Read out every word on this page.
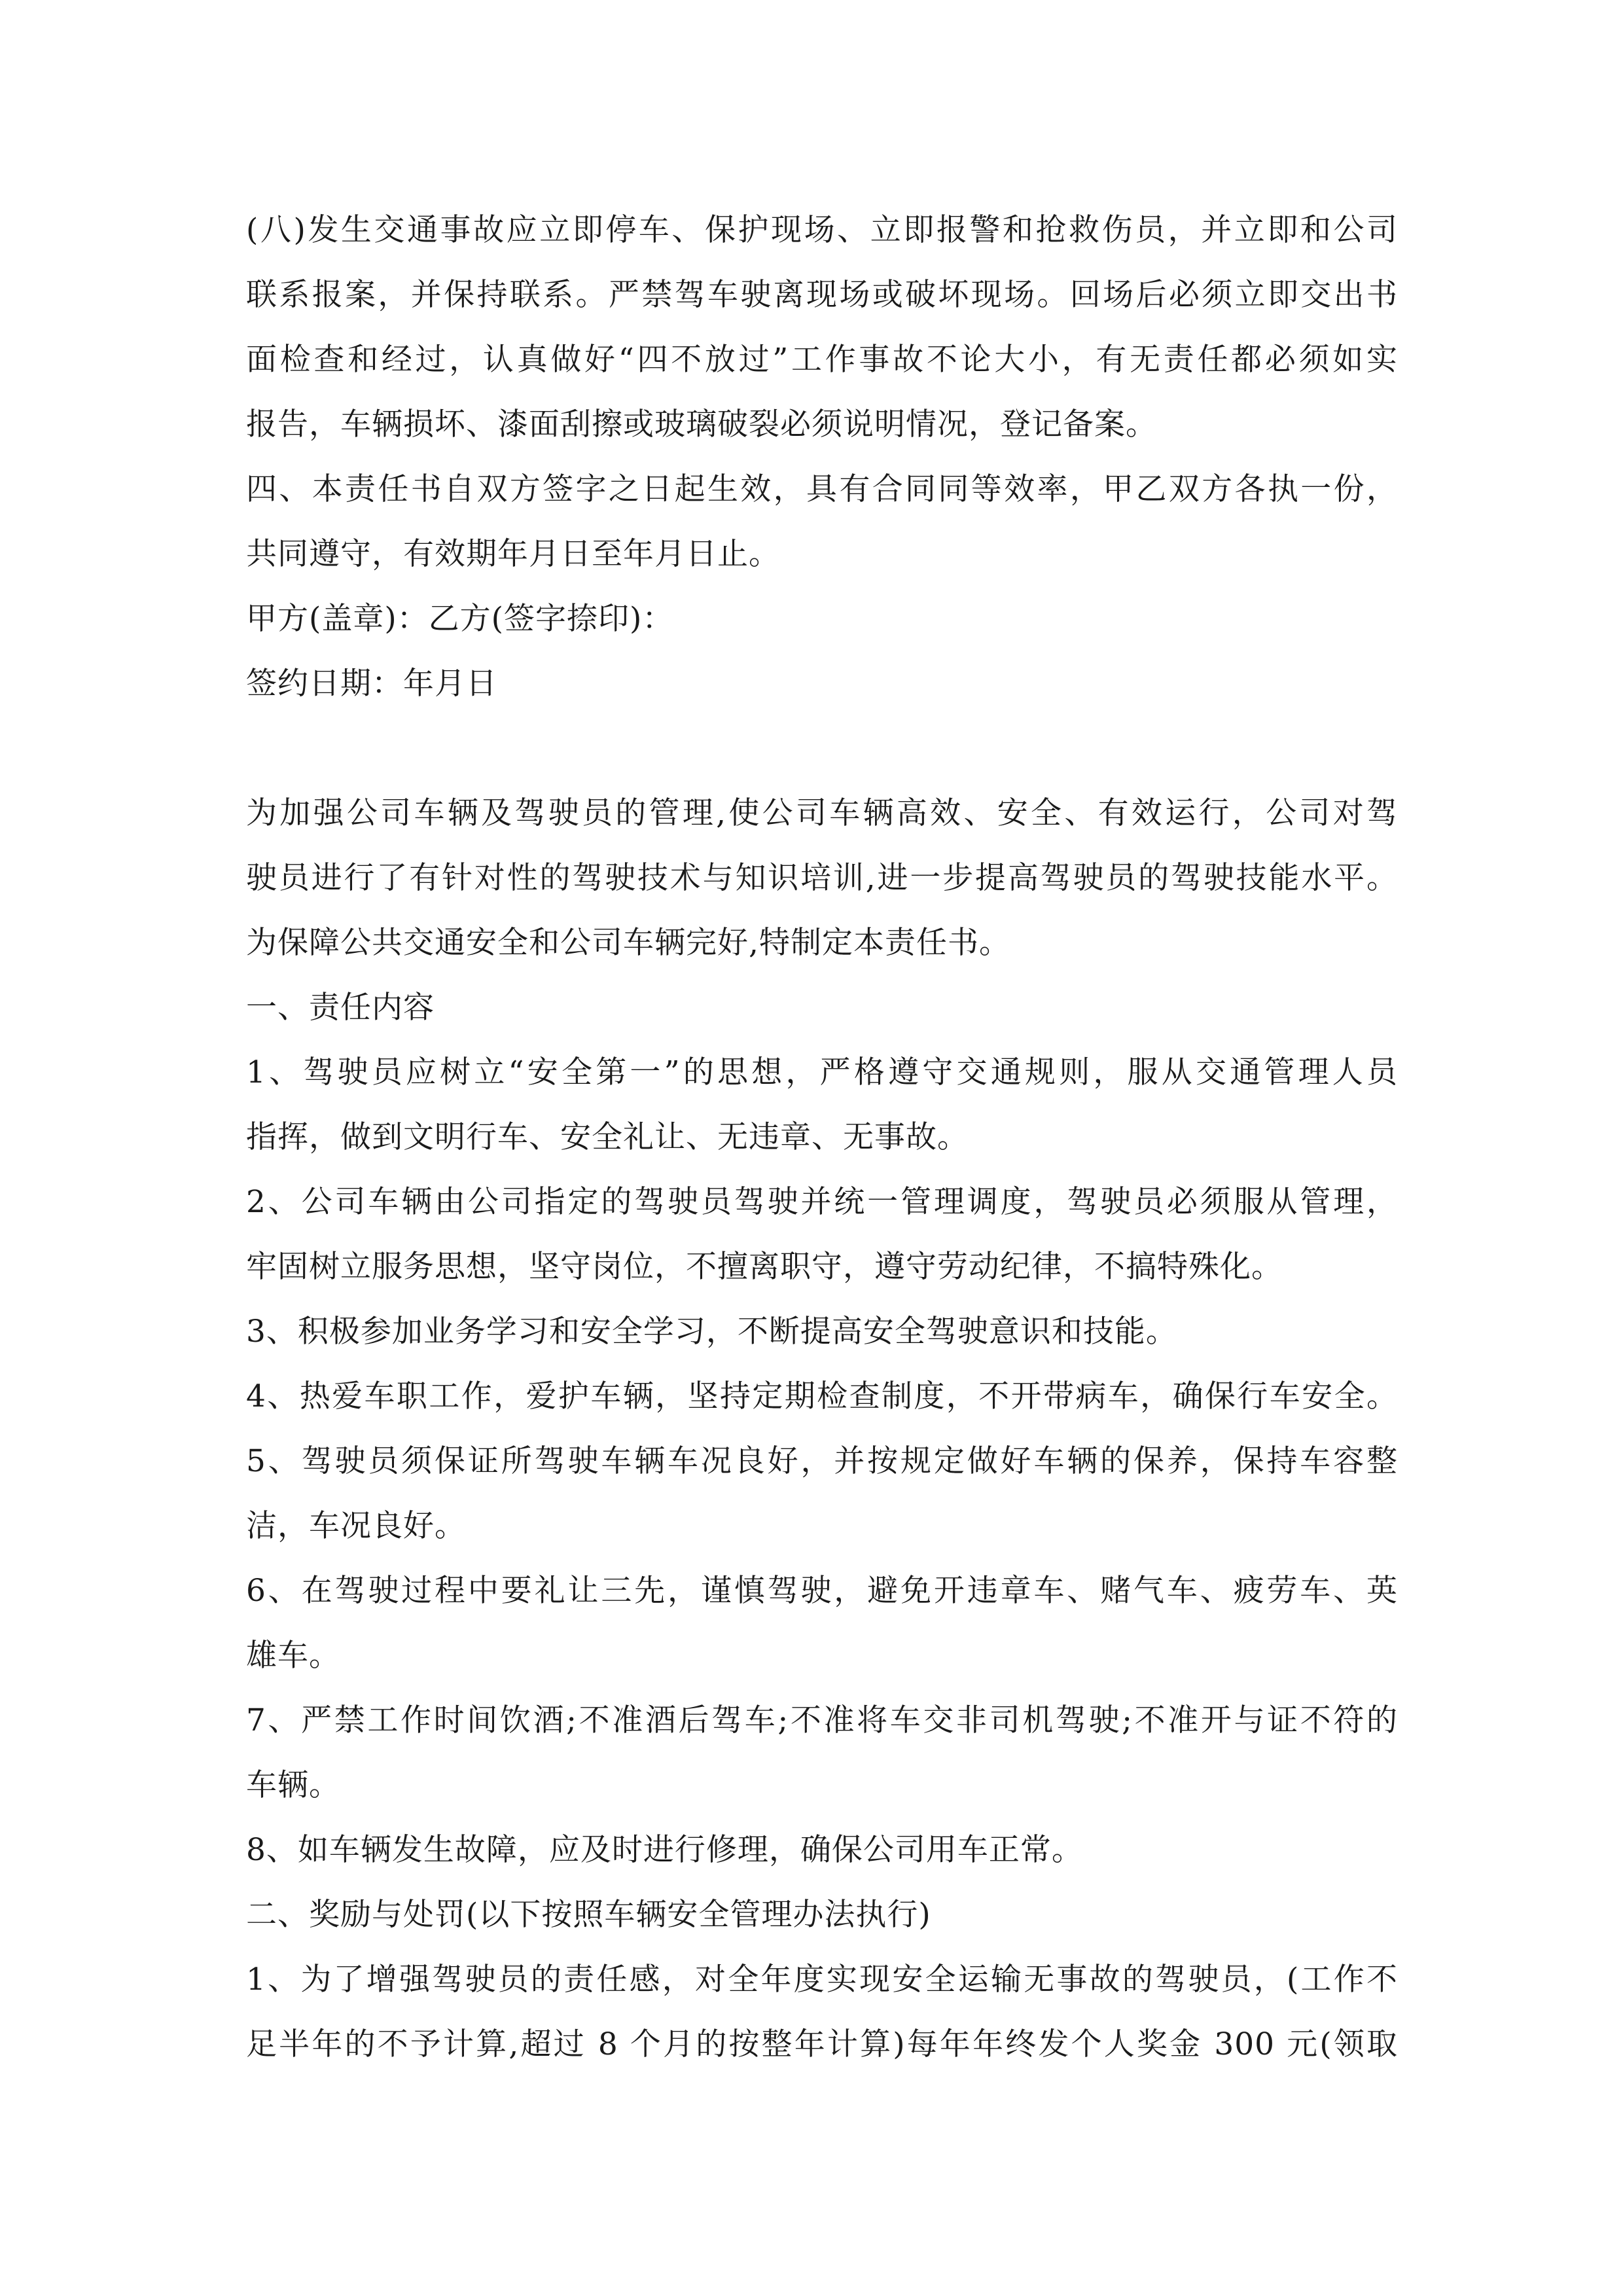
(八)发生交通事故应立即停车、保护现场、立即报警和抢救伤员，并立即和公司

联系报案，并保持联系。严禁驾车驶离现场或破坏现场。回场后必须立即交出书

面检查和经过，认真做好“四不放过”工作事故不论大小，有无责任都必须如实

报告，车辆损坏、漆面刮擦或玻璃破裂必须说明情况，登记备案。

四、本责任书自双方签字之日起生效，具有合同同等效率，甲乙双方各执一份，

共同遵守，有效期年月日至年月日止。

甲方(盖章)：乙方(签字捺印)：

签约日期：年月日

为加强公司车辆及驾驶员的管理,使公司车辆高效、安全、有效运行，公司对驾

驶员进行了有针对性的驾驶技术与知识培训,进一步提高驾驶员的驾驶技能水平。

为保障公共交通安全和公司车辆完好,特制定本责任书。

一、责任内容

1、驾驶员应树立“安全第一”的思想，严格遵守交通规则，服从交通管理人员

指挥，做到文明行车、安全礼让、无违章、无事故。

2、公司车辆由公司指定的驾驶员驾驶并统一管理调度，驾驶员必须服从管理，

牢固树立服务思想，坚守岗位，不擅离职守，遵守劳动纪律，不搞特殊化。

3、积极参加业务学习和安全学习，不断提高安全驾驶意识和技能。

4、热爱车职工作，爱护车辆，坚持定期检查制度，不开带病车，确保行车安全。

5、驾驶员须保证所驾驶车辆车况良好，并按规定做好车辆的保养，保持车容整

洁，车况良好。

6、在驾驶过程中要礼让三先，谨慎驾驶，避免开违章车、赌气车、疲劳车、英

雄车。

7、严禁工作时间饮酒;不准酒后驾车;不准将车交非司机驾驶;不准开与证不符的

车辆。

8、如车辆发生故障，应及时进行修理，确保公司用车正常。

二、奖励与处罚(以下按照车辆安全管理办法执行)

1、为了增强驾驶员的责任感，对全年度实现安全运输无事故的驾驶员，(工作不

足半年的不予计算,超过 8 个月的按整年计算)每年年终发个人奖金 300 元(领取
